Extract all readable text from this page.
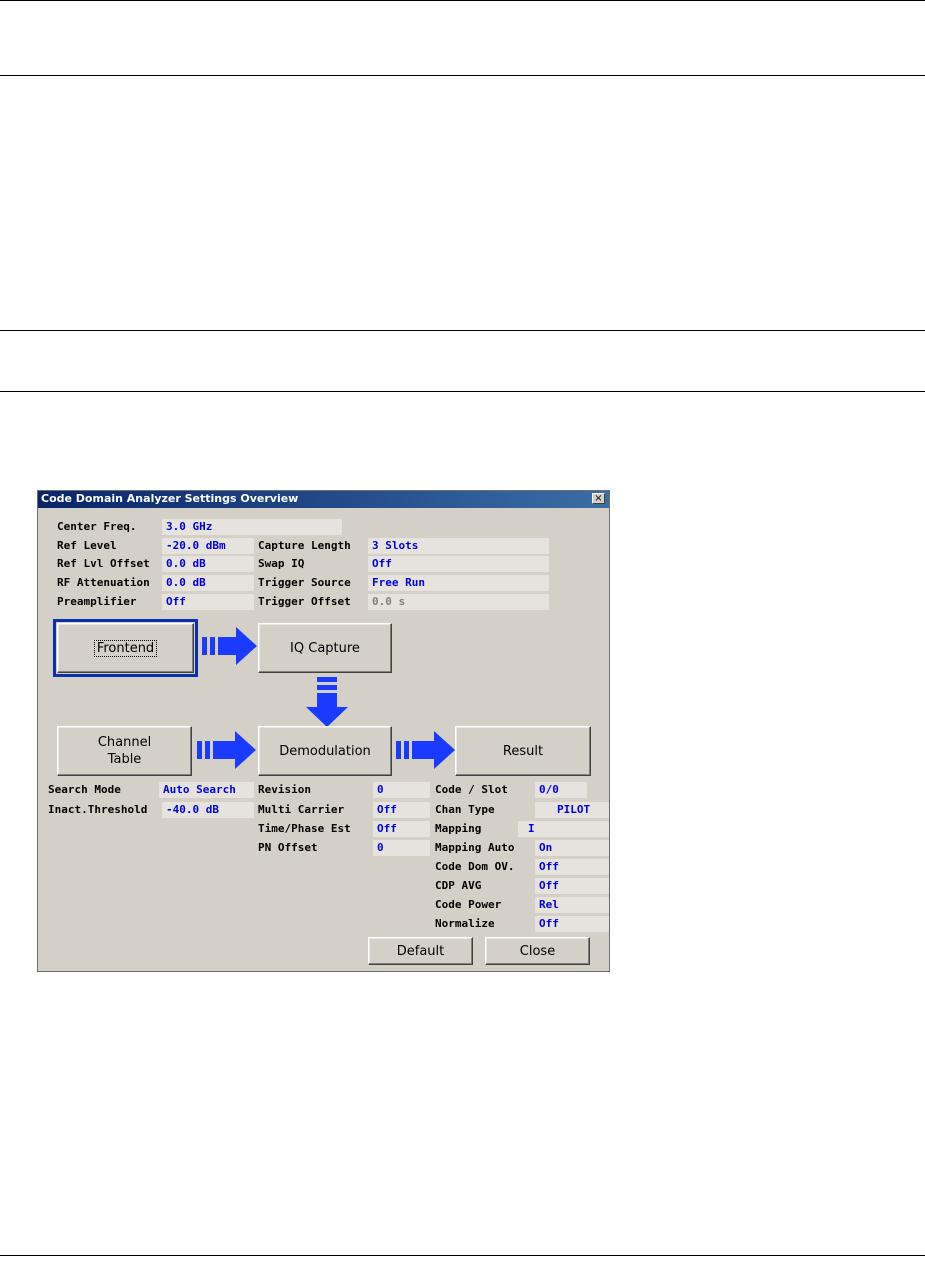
Code Domain Analyzer Settings Overview	×
Center Freq.	3.0 GHz
Ref Level	-20.0 dBm
Ref Lvl Offset	0.0 dB
RF Attenuation	0.0 dB
Preamplifier	Off
Capture Length	3 Slots
Swap IQ	Off
Trigger Source	Free Run
Trigger Offset	0.0 s
Frontend	IQ Capture
Channel
Table
Demodulation	Result
Search Mode	Auto Search
Inact.Threshold	-40.0 dB
Revision	0
Multi Carrier	Off
Time/Phase Est	Off
PN Offset	0
Code / Slot	0/0
Chan Type	PILOT
Mapping	I
Mapping Auto	On
Code Dom OV.	Off
CDP AVG	Off
Code Power	Rel
Normalize	Off
Default	Close
